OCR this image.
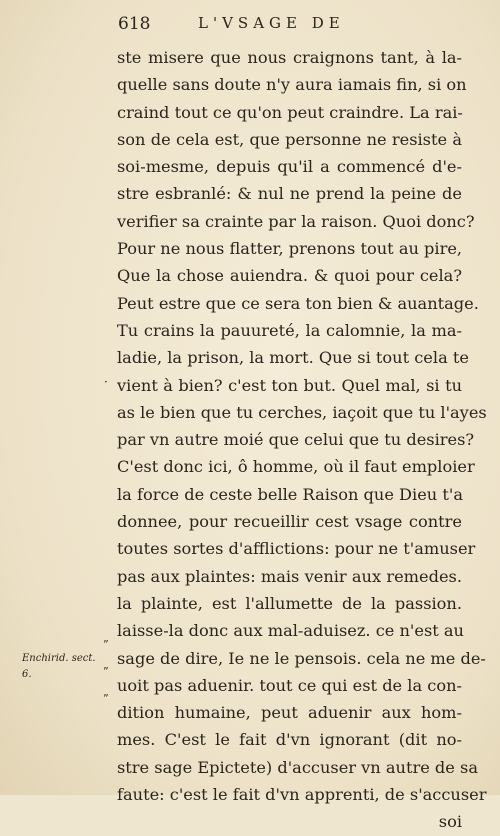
618	L'VSAGE DE
ste misere que nous craignons tant, à la-
quelle sans doute n'y aura iamais fin, si on
craind tout ce qu'on peut craindre. La rai-
son de cela est, que personne ne resiste à
soi-mesme, depuis qu'il a commencé d'e-
stre esbranlé: & nul ne prend la peine de
verifier sa crainte par la raison. Quoi donc?
Pour ne nous flatter, prenons tout au pire,
Que la chose auiendra. & quoi pour cela?
Peut estre que ce sera ton bien & auantage.
Tu crains la pauureté, la calomnie, la ma-
ladie, la prison, la mort. Que si tout cela te
vient à bien? c'est ton but. Quel mal, si tu
as le bien que tu cerches, iaçoit que tu l'ayes
par vn autre moié que celui que tu desires?
C'est donc ici, ô homme, où il faut emploier
la force de ceste belle Raison que Dieu t'a
donnee, pour recueillir cest vsage contre
toutes sortes d'afflictions: pour ne t'amuser
pas aux plaintes: mais venir aux remedes.
la plainte, est l'allumette de la passion.
laisse-la donc aux mal-aduisez. ce n'est au
sage de dire, Ie ne le pensois. cela ne me de-
uoit pas aduenir. tout ce qui est de la con-
dition humaine, peut aduenir aux hom-
mes. C'est le fait d'vn ignorant (dit no-
stre sage Epictete) d'accuser vn autre de sa
faute: c'est le fait d'vn apprenti, de s'accuser
soi
·
”
”
”
Enchirid. sect.
6.
